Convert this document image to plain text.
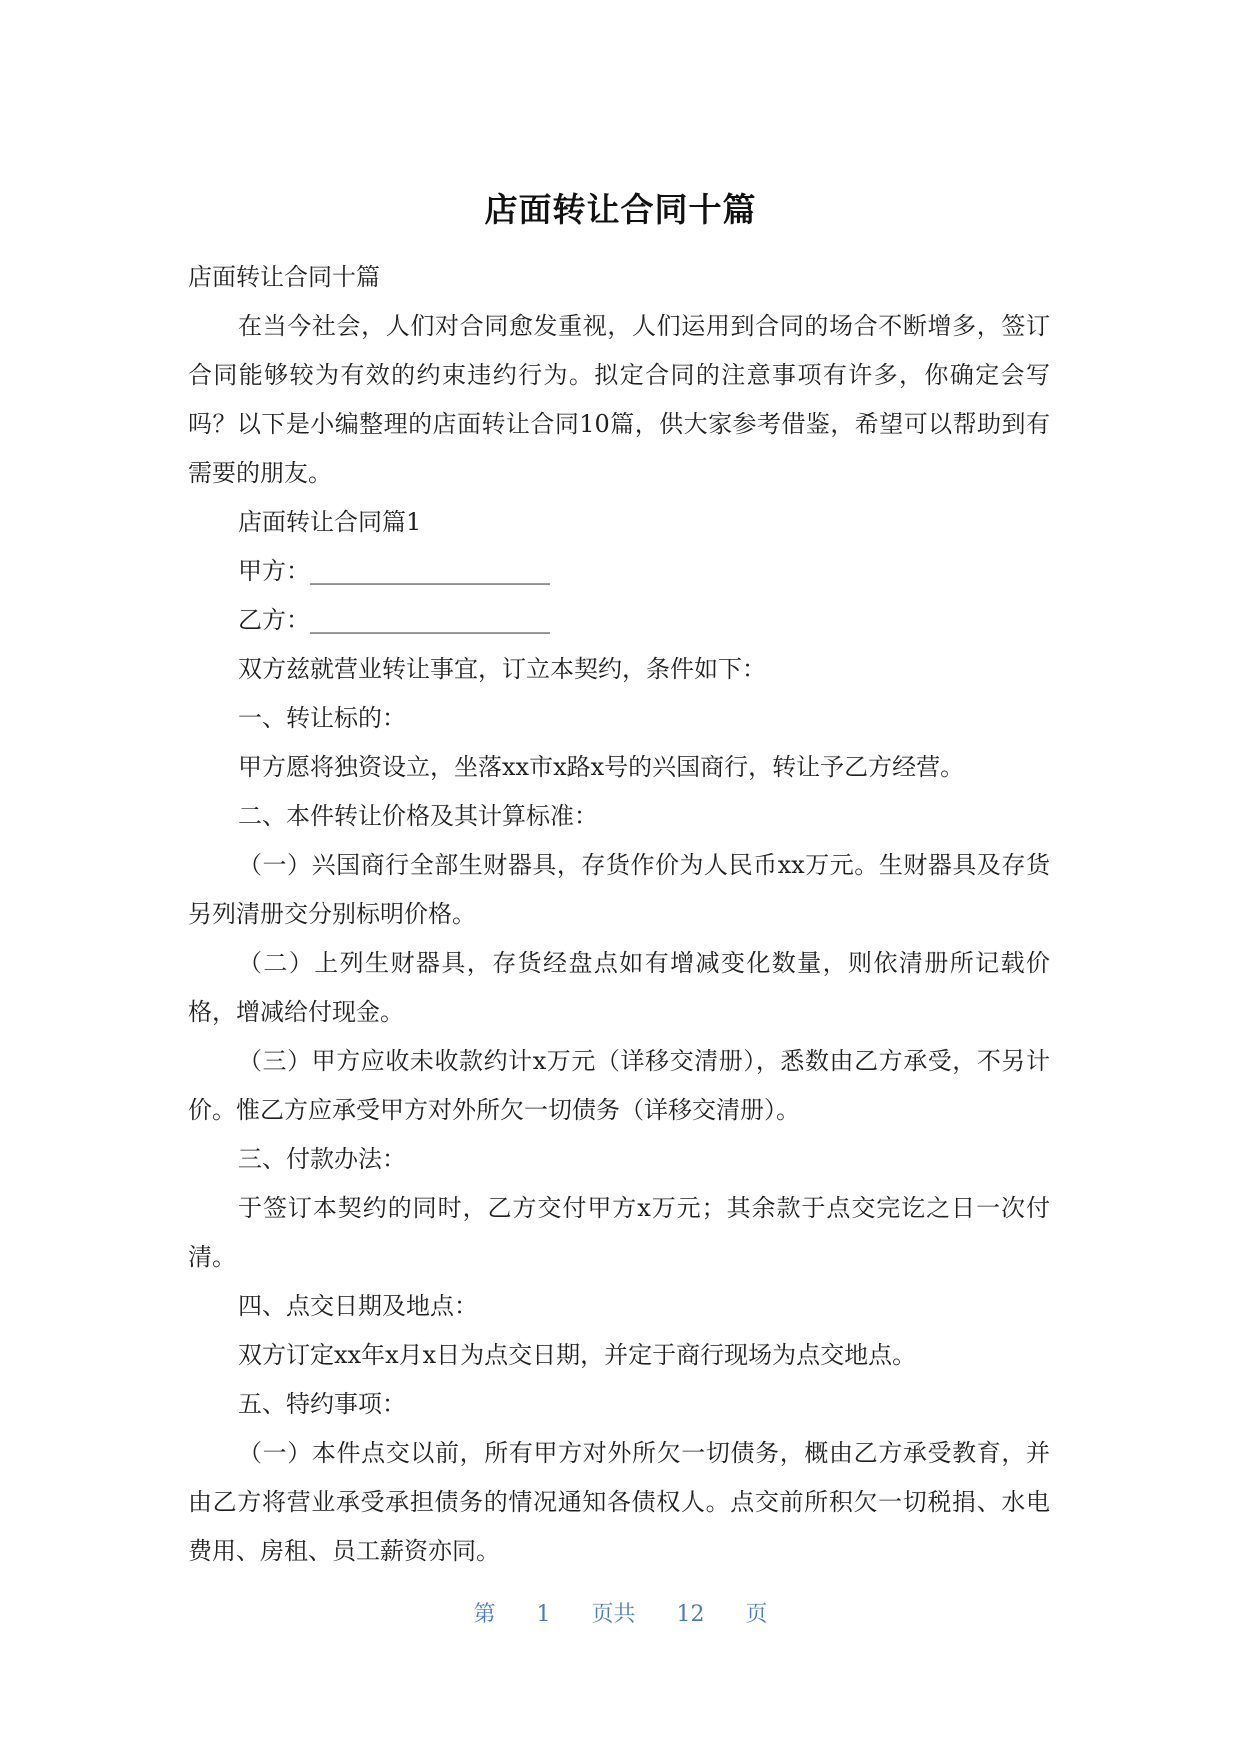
店面转让合同十篇

店面转让合同十篇

在当今社会，人们对合同愈发重视，人们运用到合同的场合不断增多，签订合同能够较为有效的约束违约行为。拟定合同的注意事项有许多，你确定会写吗？以下是小编整理的店面转让合同10篇，供大家参考借鉴，希望可以帮助到有需要的朋友。

店面转让合同篇1

甲方：____________________

乙方：____________________

双方兹就营业转让事宜，订立本契约，条件如下：

一、转让标的：

甲方愿将独资设立，坐落xx市x路x号的兴国商行，转让予乙方经营。

二、本件转让价格及其计算标准：

（一）兴国商行全部生财器具，存货作价为人民币xx万元。生财器具及存货另列清册交分别标明价格。

（二）上列生财器具，存货经盘点如有增减变化数量，则依清册所记载价格，增减给付现金。

（三）甲方应收未收款约计x万元（详移交清册），悉数由乙方承受，不另计价。惟乙方应承受甲方对外所欠一切债务（详移交清册）。

三、付款办法：

于签订本契约的同时，乙方交付甲方x万元；其余款于点交完讫之日一次付清。

四、点交日期及地点：

双方订定xx年x月x日为点交日期，并定于商行现场为点交地点。

五、特约事项：

（一）本件点交以前，所有甲方对外所欠一切债务，概由乙方承受教育，并由乙方将营业承受承担债务的情况通知各债权人。点交前所积欠一切税捐、水电费用、房租、员工薪资亦同。

第 1 页共 12 页
